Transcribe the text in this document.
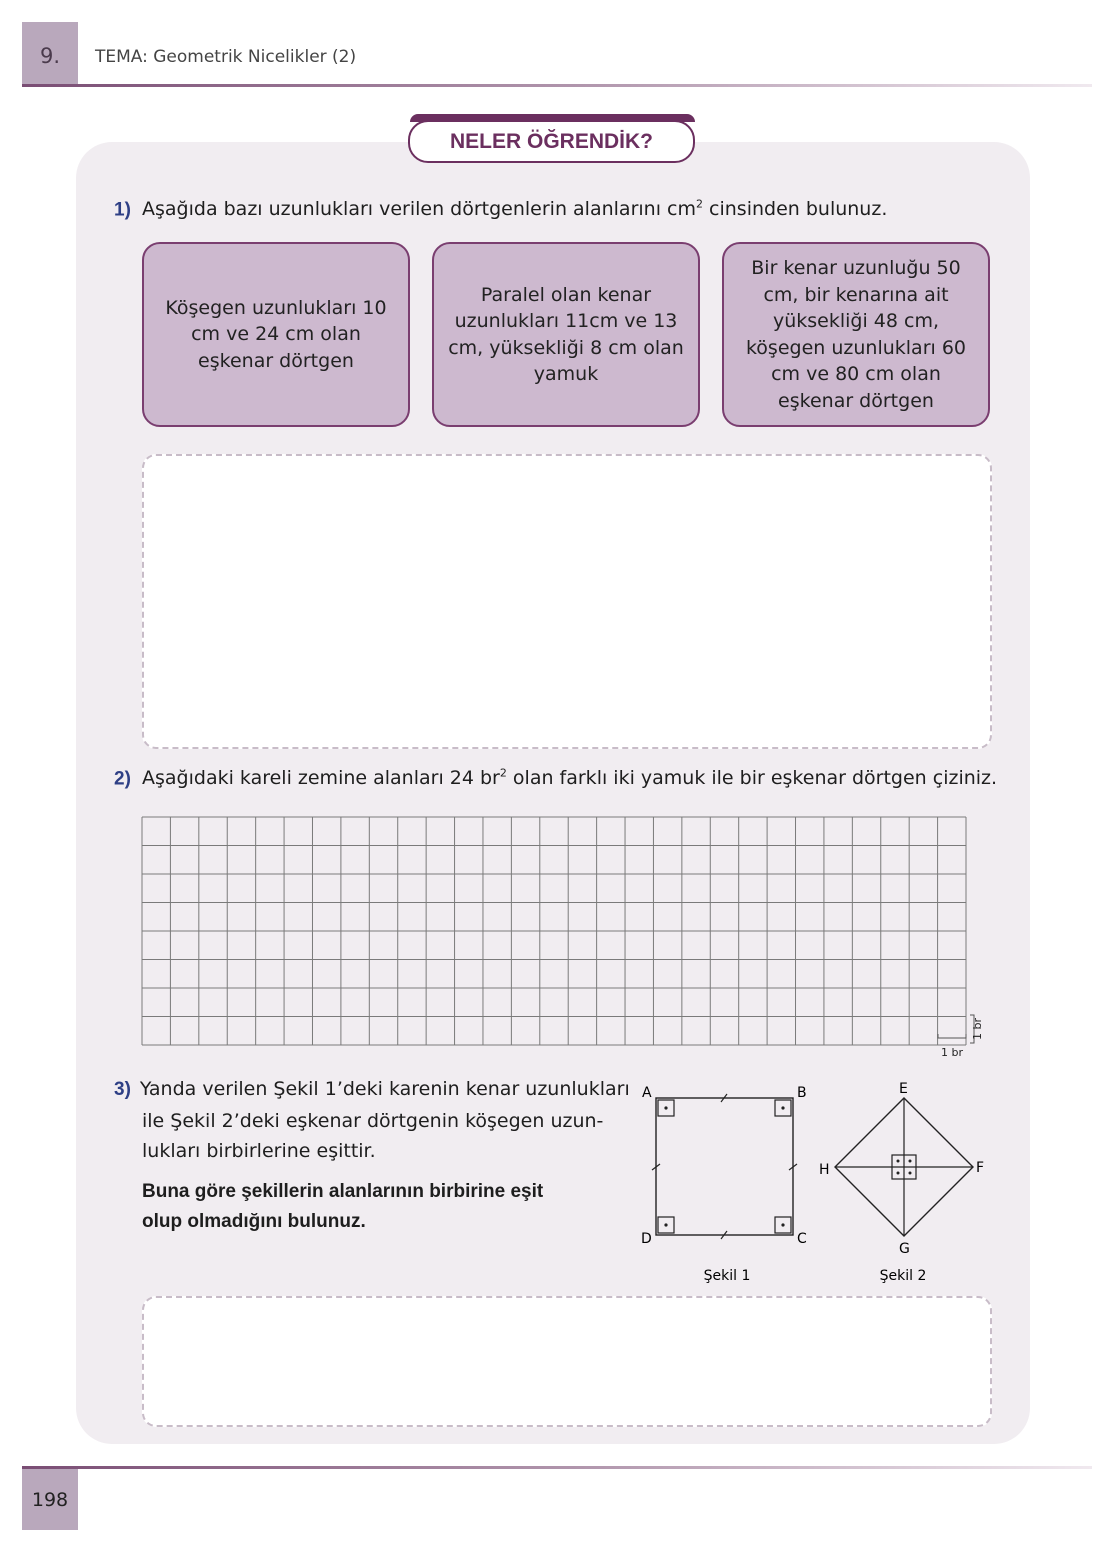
9.	TEMA: Geometrik Nicelikler (2)
NELER ÖĞRENDİK?
1) Aşağıda bazı uzunlukları verilen dörtgenlerin alanlarını $cm^2$ cinsinden bulunuz.
Köşegen uzunlukları 10 cm ve 24 cm olan eşkenar dörtgen
Paralel olan kenar uzunlukları 11cm ve 13 cm, yüksekliği 8 cm olan yamuk
Bir kenar uzunluğu 50 cm, bir kenarına ait yüksekliği 48 cm, köşegen uzunlukları 60 cm ve 80 cm olan eşkenar dörtgen
2) Aşağıdaki kareli zemine alanları 24 $br^2$ olan farklı iki yamuk ile bir eşkenar dörtgen çiziniz.
1 br
1 br
3) Yanda verilen Şekil 1’deki karenin kenar uzunlukları
ile Şekil 2’deki eşkenar dörtgenin köşegen uzun-
lukları birbirlerine eşittir.
Buna göre şekillerin alanlarının birbirine eşit
olup olmadığını bulunuz.
A	B
C
D
Şekil 1
E
F
G
H
Şekil 2
198
